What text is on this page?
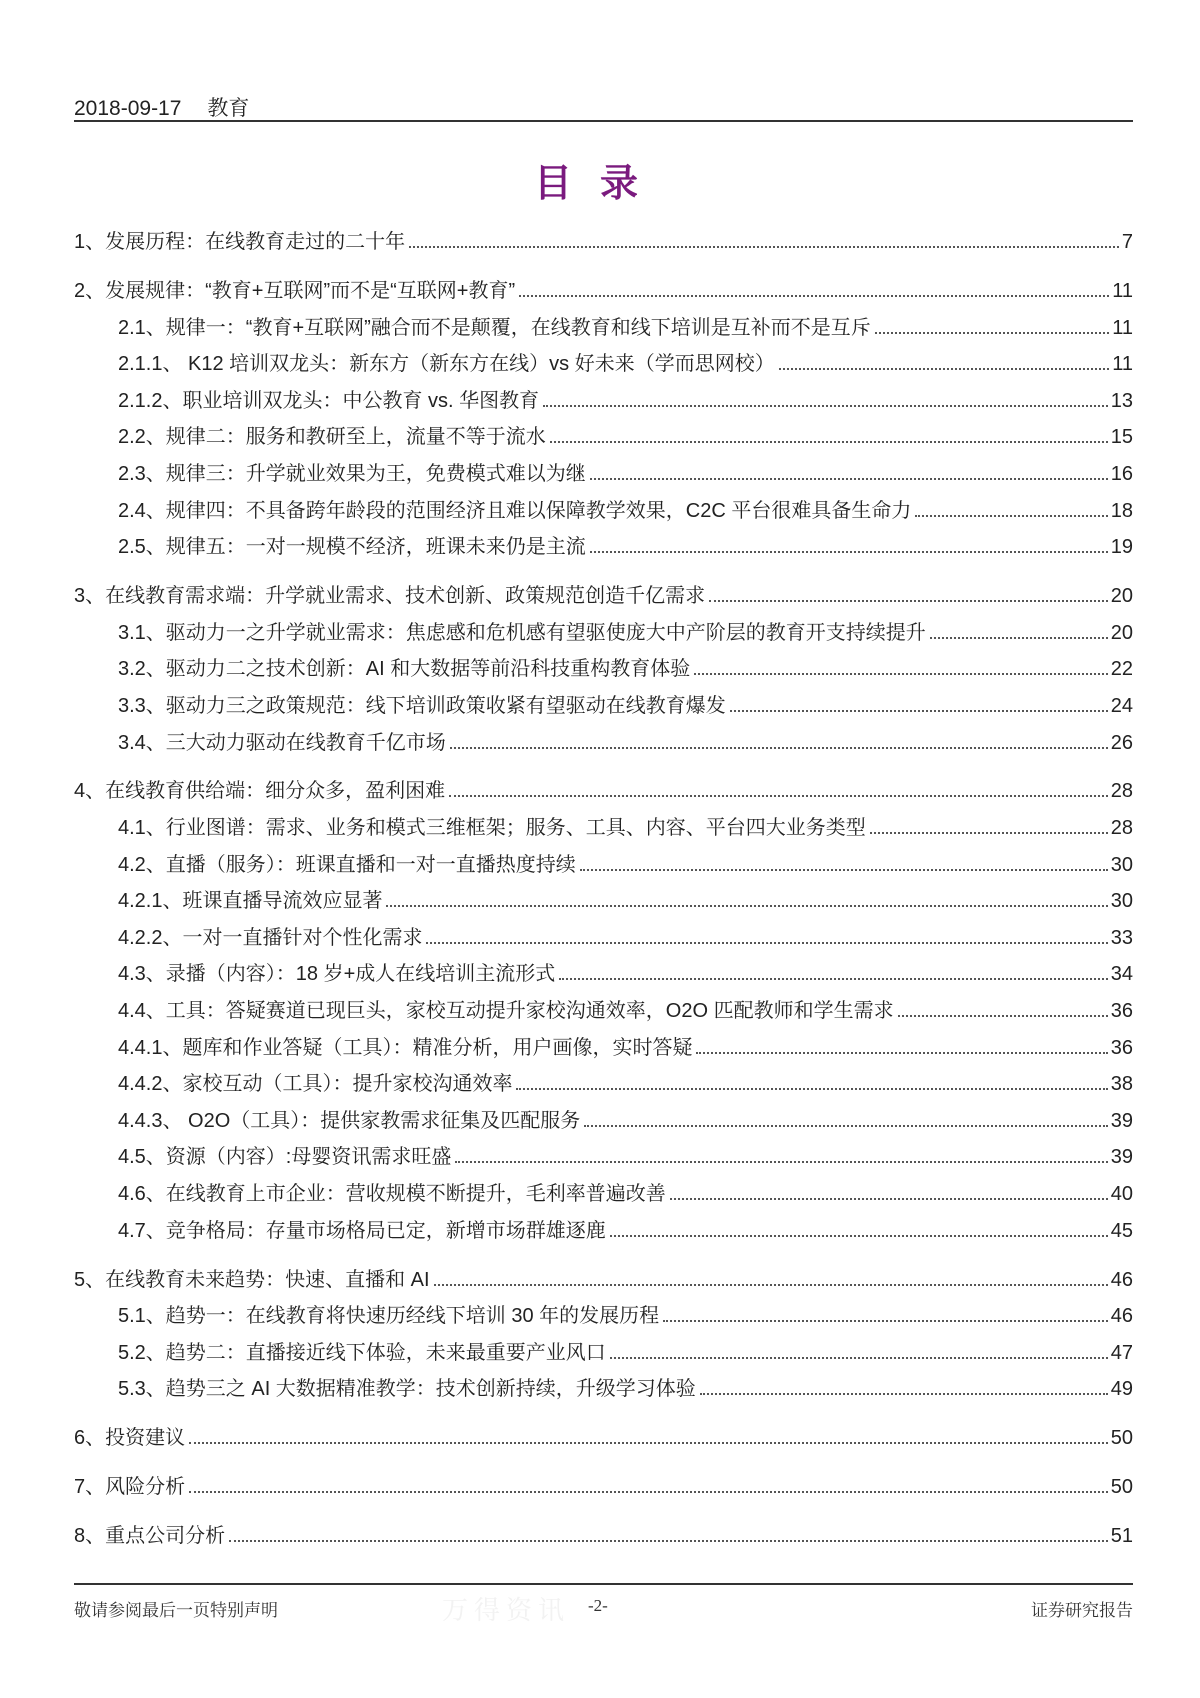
2018-09-17 教育
目录
1、发展历程：在线教育走过的二十年	7
2、发展规律：“教育+互联网”而不是“互联网+教育”	11
2.1、规律一：“教育+互联网”融合而不是颠覆，在线教育和线下培训是互补而不是互斥	11
2.1.1、 K12 培训双龙头：新东方（新东方在线）vs 好未来（学而思网校）	11
2.1.2、职业培训双龙头：中公教育 vs. 华图教育	13
2.2、规律二：服务和教研至上，流量不等于流水	15
2.3、规律三：升学就业效果为王，免费模式难以为继	16
2.4、规律四：不具备跨年龄段的范围经济且难以保障教学效果，C2C 平台很难具备生命力	18
2.5、规律五：一对一规模不经济，班课未来仍是主流	19
3、在线教育需求端：升学就业需求、技术创新、政策规范创造千亿需求	20
3.1、驱动力一之升学就业需求：焦虑感和危机感有望驱使庞大中产阶层的教育开支持续提升	20
3.2、驱动力二之技术创新：AI 和大数据等前沿科技重构教育体验	22
3.3、驱动力三之政策规范：线下培训政策收紧有望驱动在线教育爆发	24
3.4、三大动力驱动在线教育千亿市场	26
4、在线教育供给端：细分众多，盈利困难	28
4.1、行业图谱：需求、业务和模式三维框架；服务、工具、内容、平台四大业务类型	28
4.2、直播（服务）：班课直播和一对一直播热度持续	30
4.2.1、班课直播导流效应显著	30
4.2.2、一对一直播针对个性化需求	33
4.3、录播（内容）：18 岁+成人在线培训主流形式	34
4.4、工具：答疑赛道已现巨头，家校互动提升家校沟通效率，O2O 匹配教师和学生需求	36
4.4.1、题库和作业答疑（工具）：精准分析，用户画像，实时答疑	36
4.4.2、家校互动（工具）：提升家校沟通效率	38
4.4.3、 O2O（工具）：提供家教需求征集及匹配服务	39
4.5、资源（内容）:母婴资讯需求旺盛	39
4.6、在线教育上市企业：营收规模不断提升，毛利率普遍改善	40
4.7、竞争格局：存量市场格局已定，新增市场群雄逐鹿	45
5、在线教育未来趋势：快速、直播和 AI	46
5.1、趋势一：在线教育将快速历经线下培训 30 年的发展历程	46
5.2、趋势二：直播接近线下体验，未来最重要产业风口	47
5.3、趋势三之 AI 大数据精准教学：技术创新持续，升级学习体验	49
6、投资建议	50
7、风险分析	50
8、重点公司分析	51
敬请参阅最后一页特别声明	万得资讯 -2-	证券研究报告
